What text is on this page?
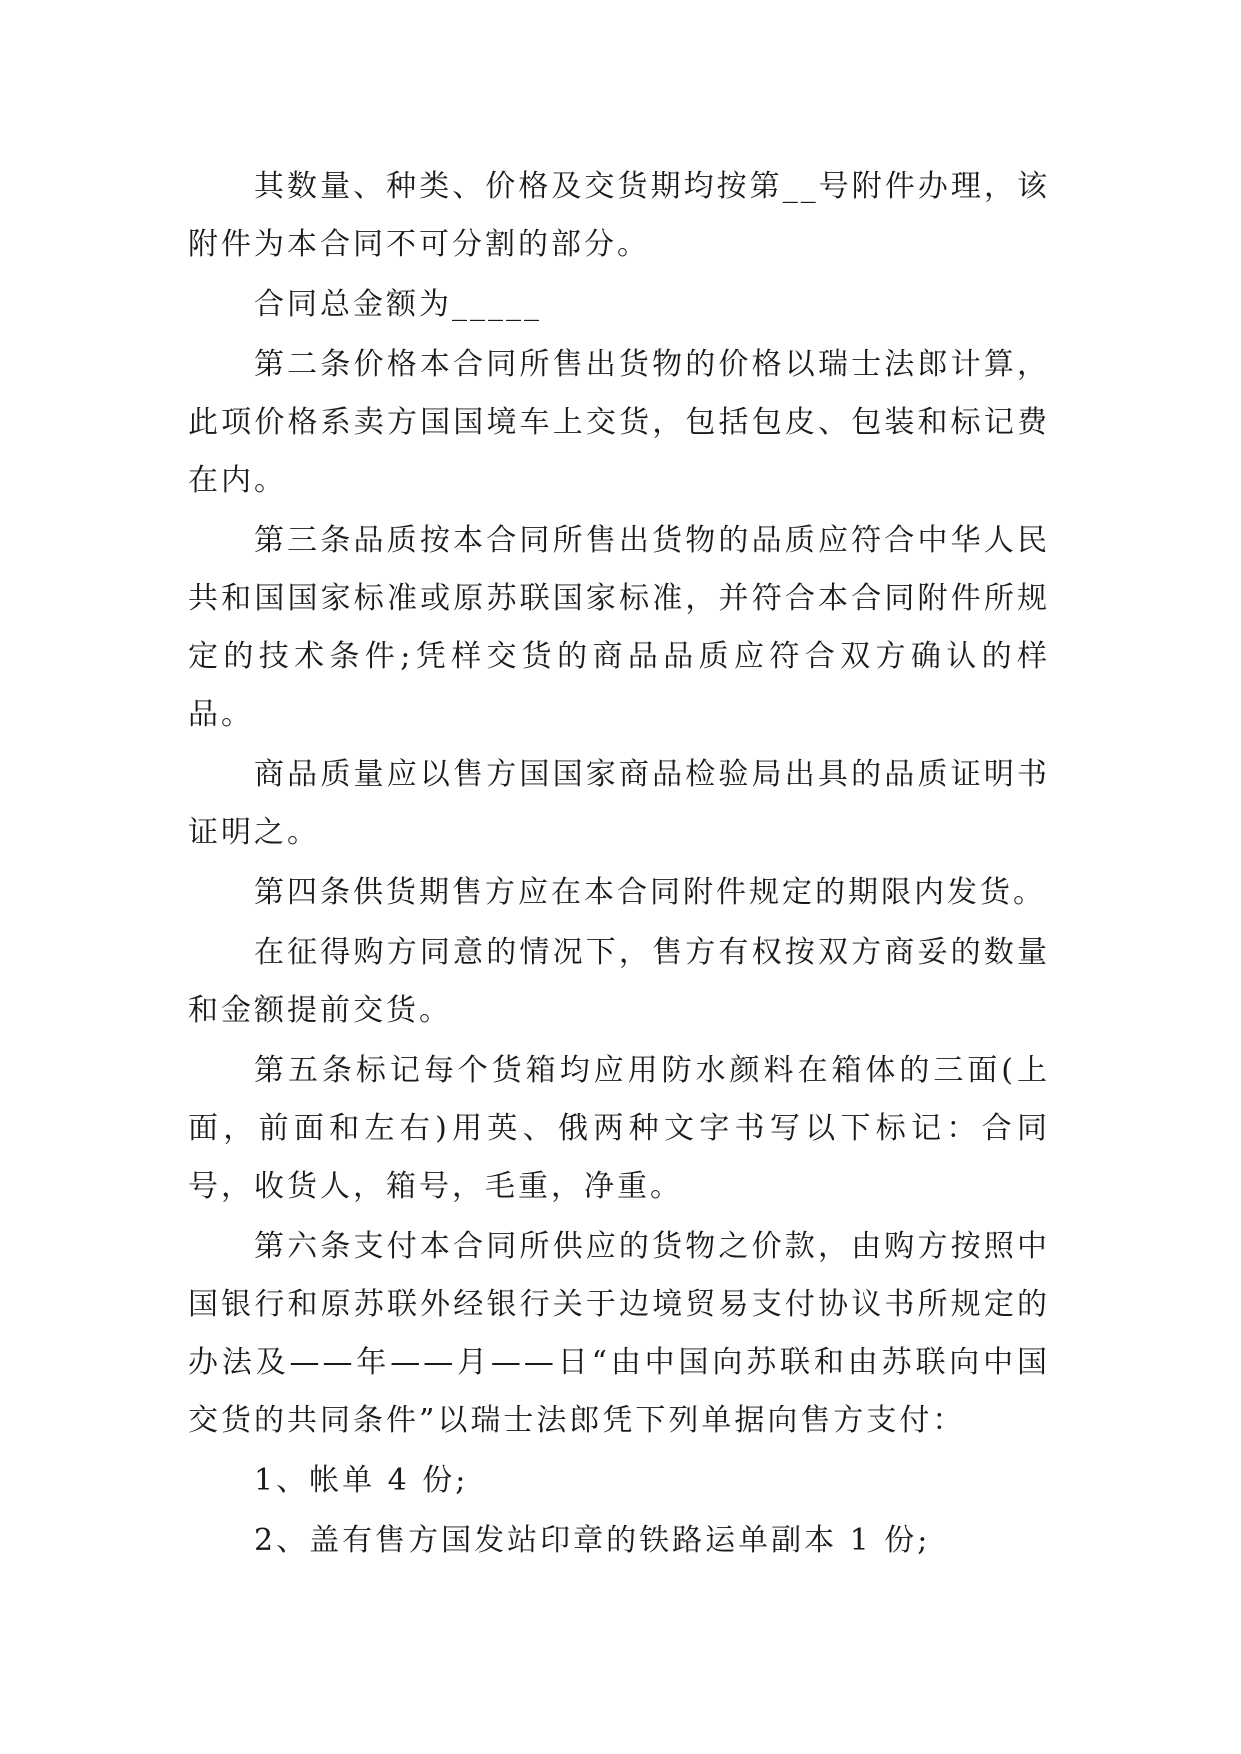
其数量、种类、价格及交货期均按第__号附件办理，该附件为本合同不可分割的部分。

合同总金额为_____

第二条价格本合同所售出货物的价格以瑞士法郎计算，此项价格系卖方国国境车上交货，包括包皮、包装和标记费在内。

第三条品质按本合同所售出货物的品质应符合中华人民共和国国家标准或原苏联国家标准，并符合本合同附件所规定的技术条件;凭样交货的商品品质应符合双方确认的样品。

商品质量应以售方国国家商品检验局出具的品质证明书证明之。

第四条供货期售方应在本合同附件规定的期限内发货。

在征得购方同意的情况下，售方有权按双方商妥的数量和金额提前交货。

第五条标记每个货箱均应用防水颜料在箱体的三面(上面，前面和左右)用英、俄两种文字书写以下标记：合同号，收货人，箱号，毛重，净重。

第六条支付本合同所供应的货物之价款，由购方按照中国银行和原苏联外经银行关于边境贸易支付协议书所规定的办法及——年——月——日“由中国向苏联和由苏联向中国交货的共同条件”以瑞士法郎凭下列单据向售方支付：

1、帐单 4 份;

2、盖有售方国发站印章的铁路运单副本 1 份;
